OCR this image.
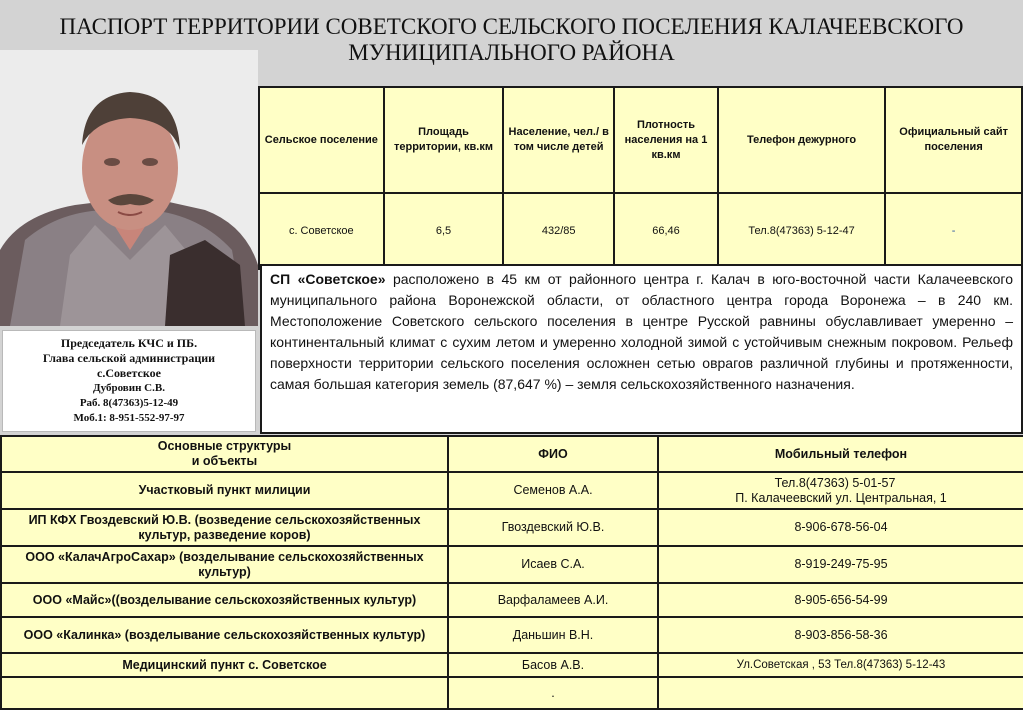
ПАСПОРТ ТЕРРИТОРИИ СОВЕТСКОГО СЕЛЬСКОГО ПОСЕЛЕНИЯ КАЛАЧЕЕВСКОГО
МУНИЦИПАЛЬНОГО РАЙОНА
Председатель КЧС и ПБ.
Глава сельской администрации
с.Советское
Дубровин С.В.
Раб. 8(47363)5-12-49
Моб.1: 8-951-552-97-97
Сельское поселение	Площадь территории, кв.км	Население, чел./ в том числе детей	Плотность населения на 1 кв.км	Телефон дежурного	Официальный сайт поселения
с. Советское	6,5	432/85	66,46	Тел.8(47363) 5-12-47	-
СП «Советское» расположено в 45 км от районного центра г. Калач в юго-восточной части Калачеевского муниципального района Воронежской области, от областного центра города Воронежа – в 240 км. Местоположение Советского сельского поселения в центре Русской равнины обуславливает умеренно – континентальный климат с сухим летом и умеренно холодной зимой с устойчивым снежным покровом. Рельеф поверхности территории сельского поселения осложнен сетью оврагов различной глубины и протяженности, самая большая категория земель (87,647 %) – земля сельскохозяйственного назначения.
Основные структуры
и объекты	ФИО	Мобильный телефон
Участковый пункт милиции	Семенов А.А.	Тел.8(47363) 5-01-57
П. Калачеевский ул. Центральная, 1

ИП КФХ Гвоздевский Ю.В. (возведение сельскохозяйственных культур, разведение коров)	Гвоздевский Ю.В.	8-906-678-56-04
ООО «КалачАгроСахар» (возделывание сельскохозяйственных культур)	Исаев С.А.	8-919-249-75-95
ООО «Майс»((возделывание сельскохозяйственных культур)	Варфаламеев А.И.	8-905-656-54-99
ООО «Калинка» (возделывание сельскохозяйственных культур)	Даньшин В.Н.	8-903-856-58-36
Медицинский пункт с. Советское	Басов А.В.	Ул.Советская , 53 Тел.8(47363) 5-12-43
	.	
